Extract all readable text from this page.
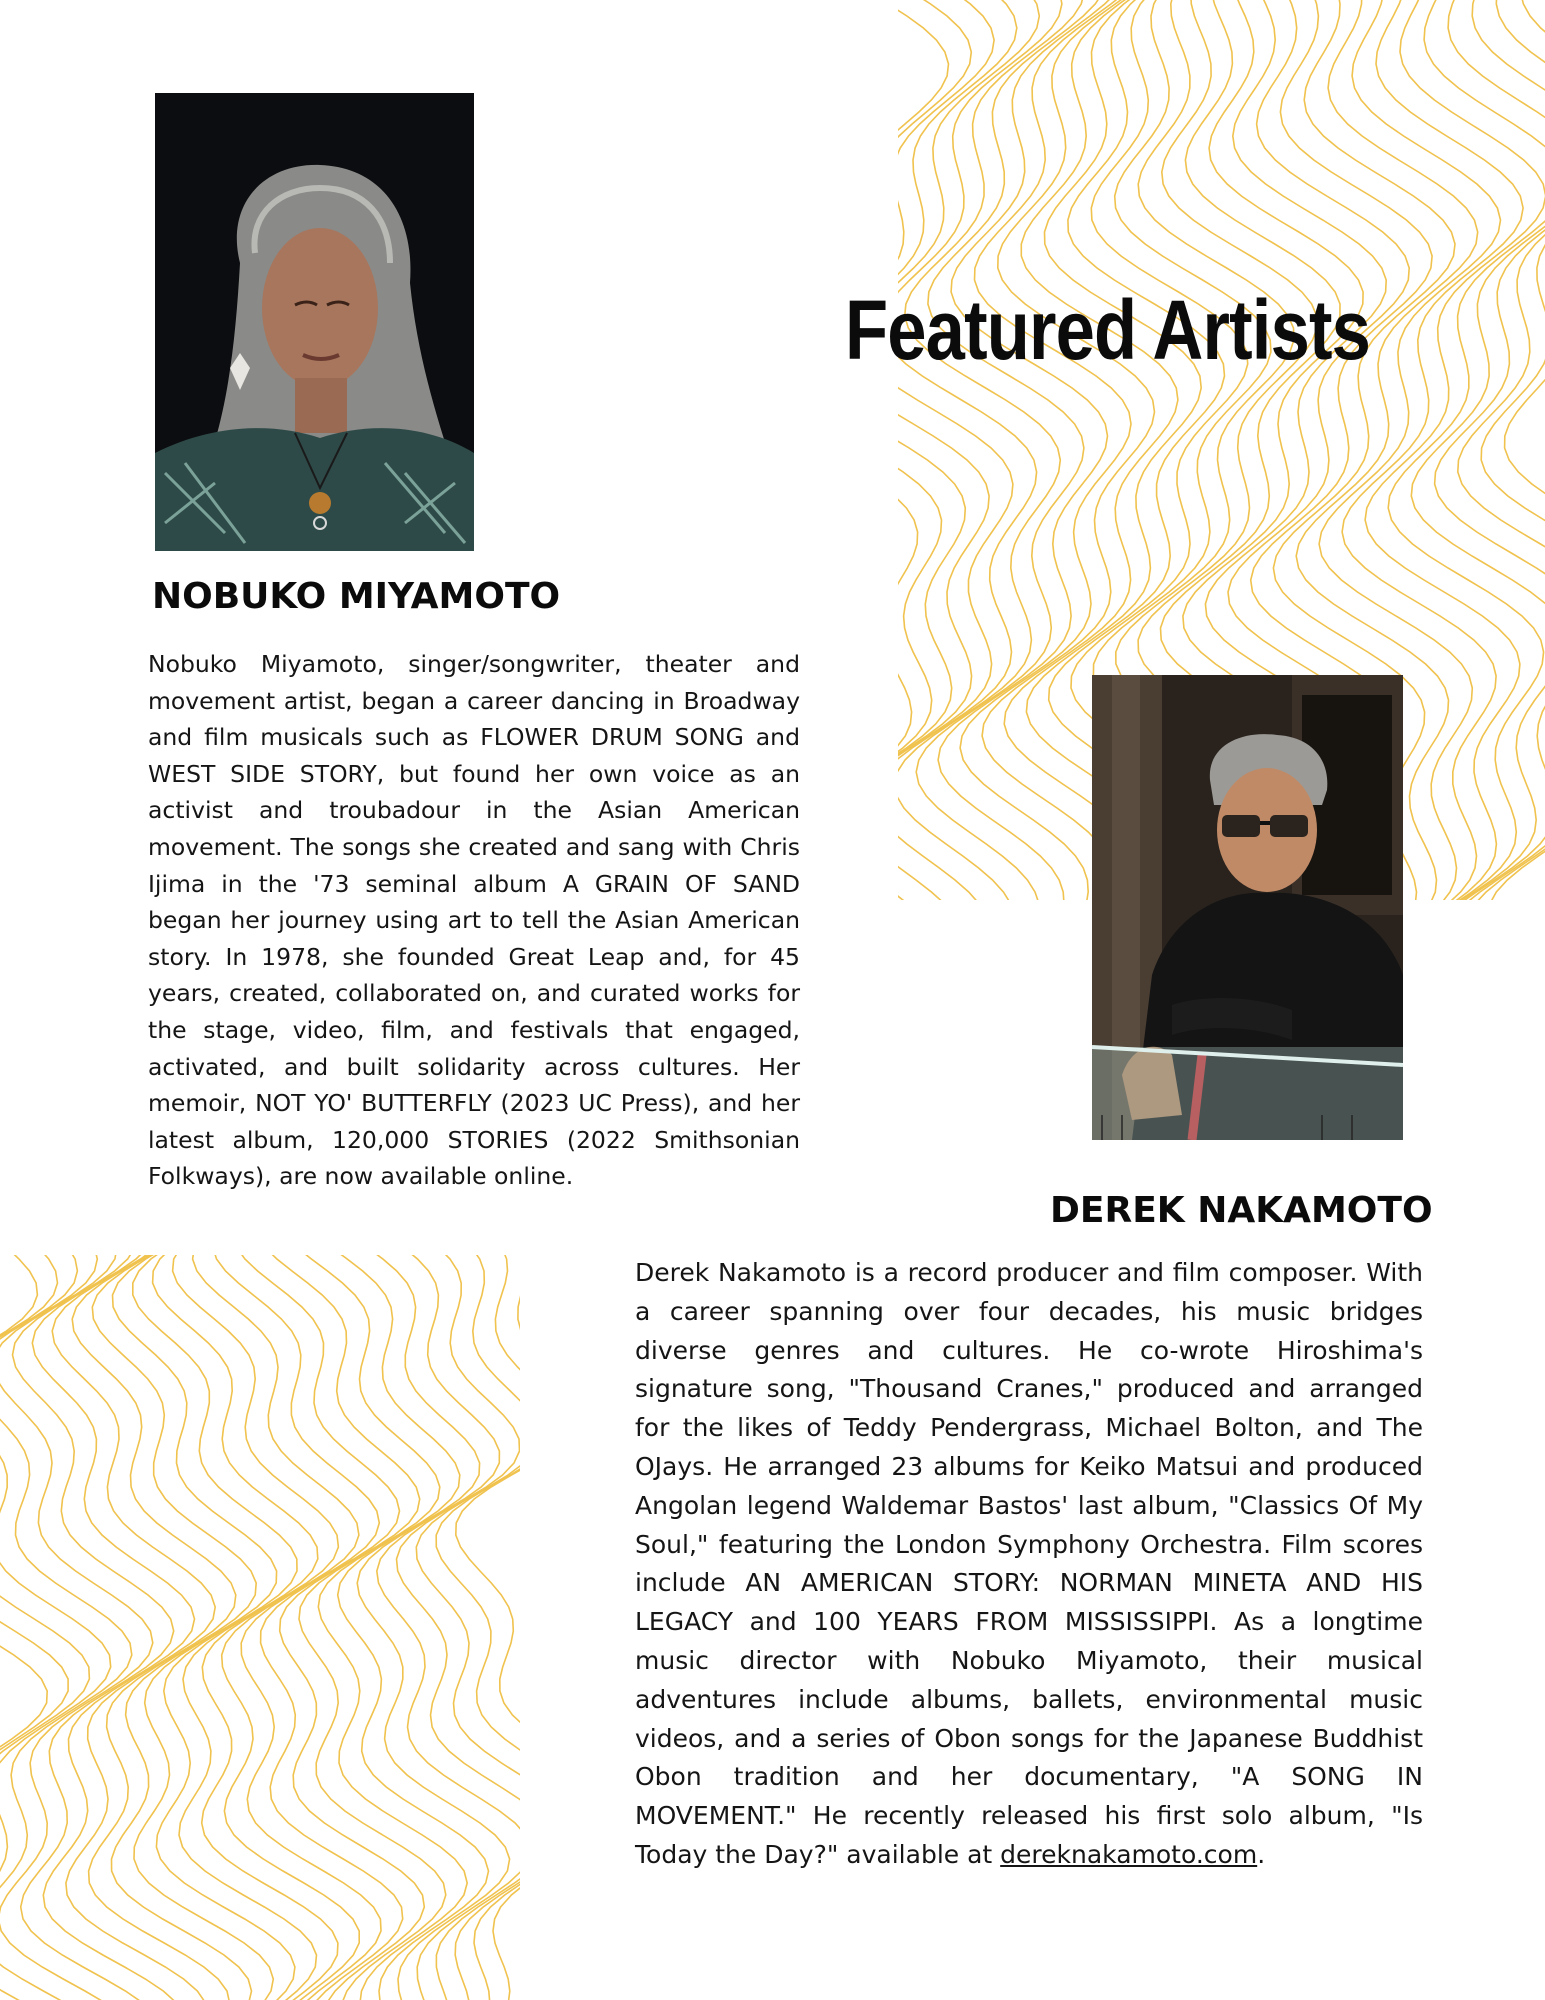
Featured Artists
NOBUKO MIYAMOTO
Nobuko Miyamoto, singer/songwriter, theater and movement artist, began a career dancing in Broadway and film musicals such as FLOWER DRUM SONG and WEST SIDE STORY, but found her own voice as an activist and troubadour in the Asian American movement. The songs she created and sang with Chris Ijima in the '73 seminal album A GRAIN OF SAND began her journey using art to tell the Asian American story. In 1978, she founded Great Leap and, for 45 years, created, collaborated on, and curated works for the stage, video, film, and festivals that engaged, activated, and built solidarity across cultures. Her memoir, NOT YO' BUTTERFLY (2023 UC Press), and her latest album, 120,000 STORIES (2022 Smithsonian Folkways), are now available online.
DEREK NAKAMOTO
Derek Nakamoto is a record producer and film composer. With a career spanning over four decades, his music bridges diverse genres and cultures. He co-wrote Hiroshima's signature song, "Thousand Cranes," produced and arranged for the likes of Teddy Pendergrass, Michael Bolton, and The OJays. He arranged 23 albums for Keiko Matsui and produced Angolan legend Waldemar Bastos' last album, "Classics Of My Soul," featuring the London Symphony Orchestra. Film scores include AN AMERICAN STORY: NORMAN MINETA AND HIS LEGACY and 100 YEARS FROM MISSISSIPPI. As a longtime music director with Nobuko Miyamoto, their musical adventures include albums, ballets, environmental music videos, and a series of Obon songs for the Japanese Buddhist Obon tradition and her documentary, "A SONG IN MOVEMENT." He recently released his first solo album, "Is Today the Day?" available at dereknakamoto.com.
